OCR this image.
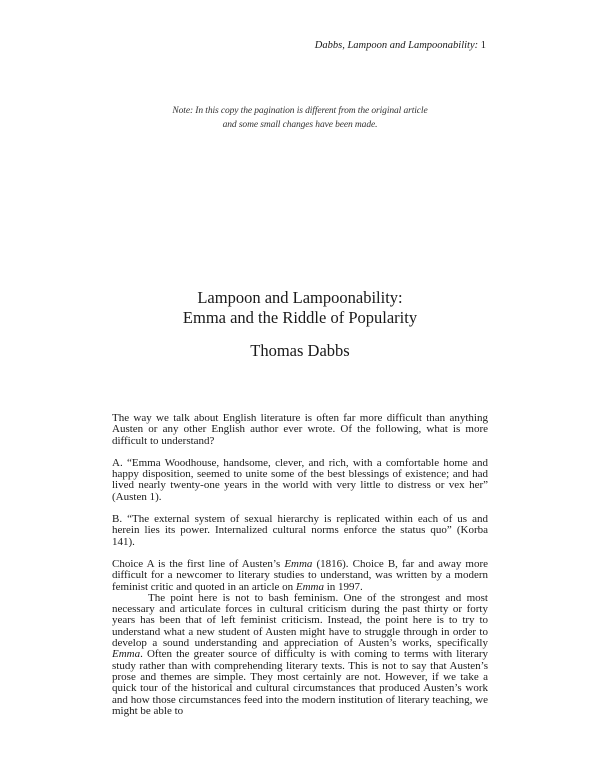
Dabbs, Lampoon and Lampoonability: 1
Note: In this copy the pagination is different from the original article
and some small changes have been made.
Lampoon and Lampoonability:
Emma and the Riddle of Popularity
Thomas Dabbs

The way we talk about English literature is often far more difficult than anything Austen or any other English author ever wrote. Of the following, what is more difficult to understand?

A. “Emma Woodhouse, handsome, clever, and rich, with a comfortable home and happy disposition, seemed to unite some of the best blessings of existence; and had lived nearly twenty-one years in the world with very little to distress or vex her” (Austen 1).

B. “The external system of sexual hierarchy is replicated within each of us and herein lies its power. Internalized cultural norms enforce the status quo” (Korba 141).

Choice A is the first line of Austen’s Emma (1816). Choice B, far and away more difficult for a newcomer to literary studies to understand, was written by a modern feminist critic and quoted in an article on Emma in 1997.

The point here is not to bash feminism. One of the strongest and most necessary and articulate forces in cultural criticism during the past thirty or forty years has been that of left feminist criticism. Instead, the point here is to try to understand what a new student of Austen might have to struggle through in order to develop a sound understanding and appreciation of Austen’s works, specifically Emma. Often the greater source of difficulty is with coming to terms with literary study rather than with comprehending literary texts. This is not to say that Austen’s prose and themes are simple. They most certainly are not. However, if we take a quick tour of the historical and cultural circumstances that produced Austen’s work and how those circumstances feed into the modern institution of literary teaching, we might be able to
